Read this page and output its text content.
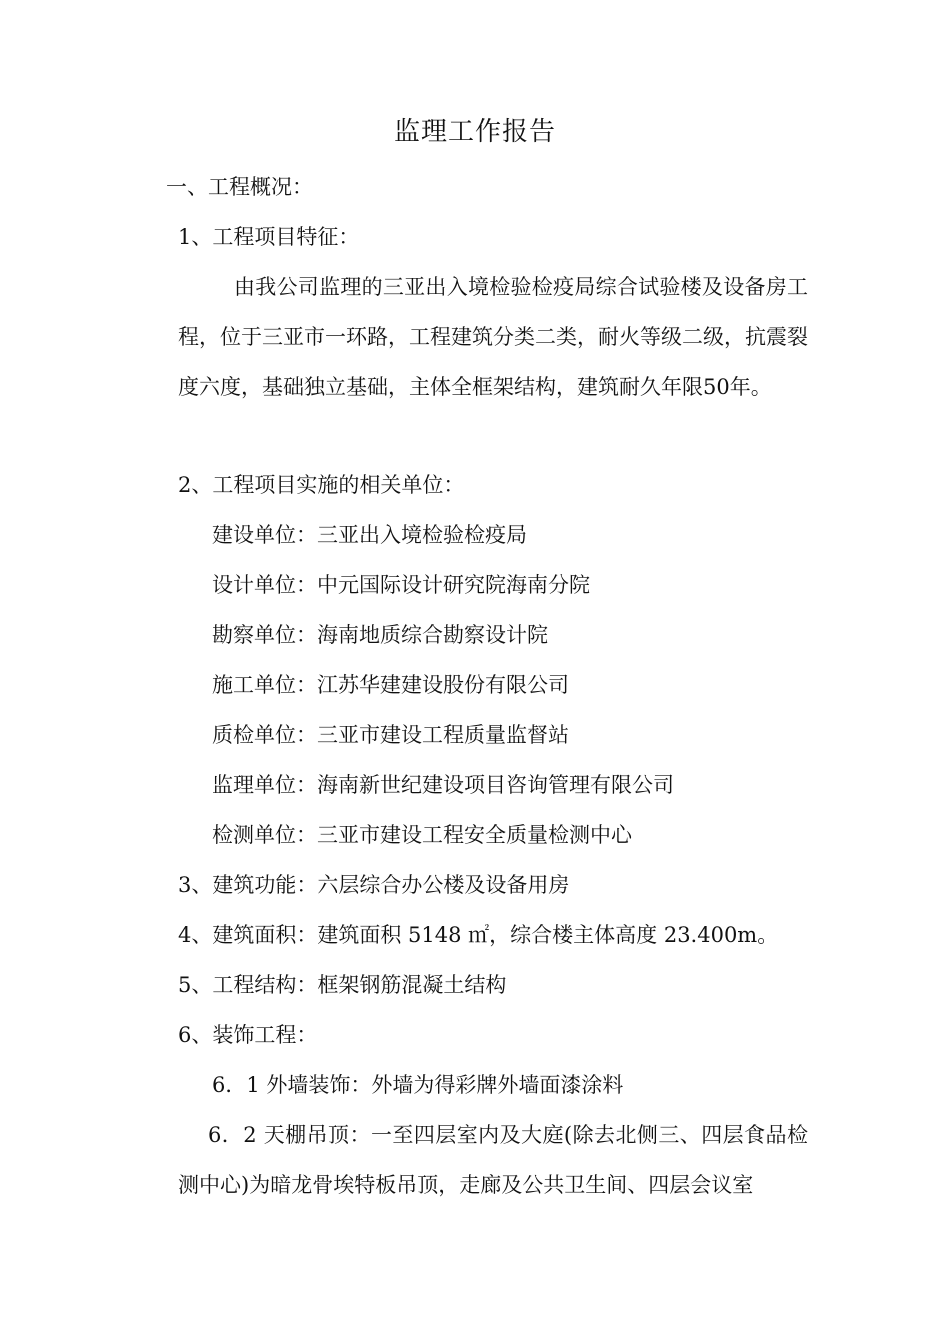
监理工作报告
一、工程概况：
1、工程项目特征：
由我公司监理的三亚出入境检验检疫局综合试验楼及设备房工程，位于三亚市一环路，工程建筑分类二类，耐火等级二级，抗震裂度六度，基础独立基础，主体全框架结构，建筑耐久年限50年。
2、工程项目实施的相关单位：
建设单位：三亚出入境检验检疫局
设计单位：中元国际设计研究院海南分院
勘察单位：海南地质综合勘察设计院
施工单位：江苏华建建设股份有限公司
质检单位：三亚市建设工程质量监督站
监理单位：海南新世纪建设项目咨询管理有限公司
检测单位：三亚市建设工程安全质量检测中心
3、建筑功能：六层综合办公楼及设备用房
4、建筑面积：建筑面积 5148 ㎡，综合楼主体高度 23.400m。
5、工程结构：框架钢筋混凝土结构
6、装饰工程：
6．1 外墙装饰：外墙为得彩牌外墙面漆涂料
6．2 天棚吊顶：一至四层室内及大庭(除去北侧三、四层食品检测中心)为暗龙骨埃特板吊顶，走廊及公共卫生间、四层会议室
